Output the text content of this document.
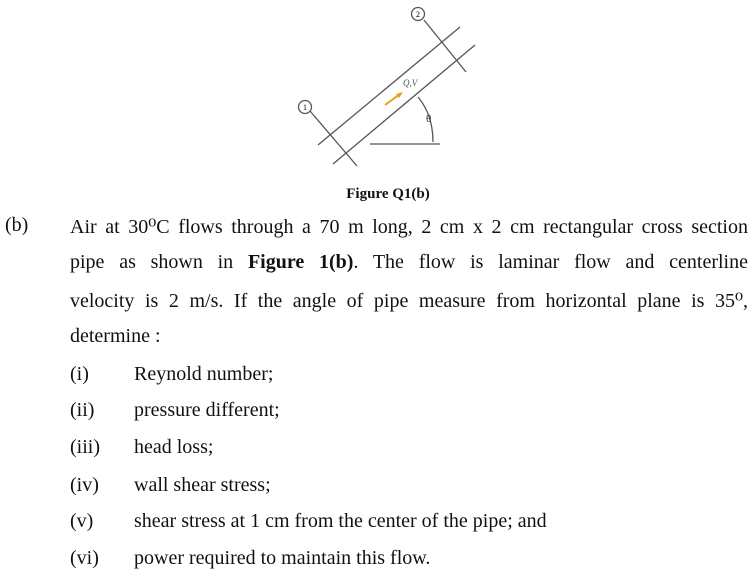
1
2
Q,V
θ
Figure Q1(b)
(b) Air at 30⁰C flows through a 70 m long, 2 cm x 2 cm rectangular cross section
pipe as shown in Figure 1(b). The flow is laminar flow and centerline
velocity is 2 m/s. If the angle of pipe measure from horizontal plane is 35⁰,
determine :
(i) Reynold number;
(ii) pressure different;
(iii) head loss;
(iv) wall shear stress;
(v) shear stress at 1 cm from the center of the pipe; and
(vi) power required to maintain this flow.
